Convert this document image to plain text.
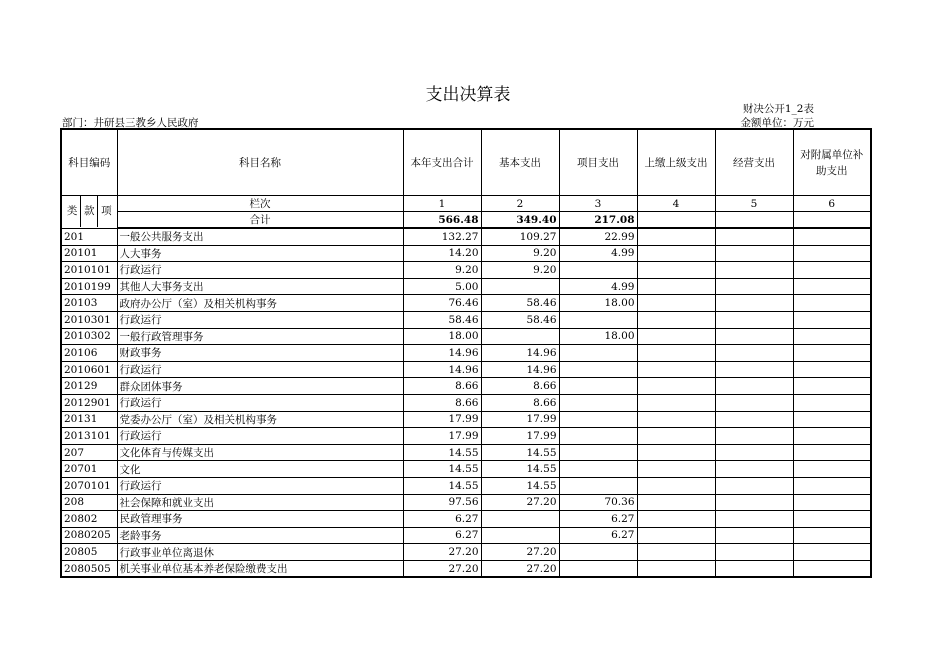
支出决算表
财决公开1_2表
部门：井研县三教乡人民政府	金额单位：万元
科目编码	科目名称	本年支出合计	基本支出	项目支出	上缴上级支出	经营支出	对附属单位补助支出

类 款 项	栏次	1	2	3	4	5	6
	合计	566.48	349.40	217.08			
201	一般公共服务支出	132.27	109.27	22.99			
20101	人大事务	14.20	9.20	4.99			
2010101	行政运行	9.20	9.20				
2010199	其他人大事务支出	5.00		4.99			
20103	政府办公厅（室）及相关机构事务	76.46	58.46	18.00			
2010301	行政运行	58.46	58.46				
2010302	一般行政管理事务	18.00		18.00			
20106	财政事务	14.96	14.96				
2010601	行政运行	14.96	14.96				
20129	群众团体事务	8.66	8.66				
2012901	行政运行	8.66	8.66				
20131	党委办公厅（室）及相关机构事务	17.99	17.99				
2013101	行政运行	17.99	17.99				
207	文化体育与传媒支出	14.55	14.55				
20701	文化	14.55	14.55				
2070101	行政运行	14.55	14.55				
208	社会保障和就业支出	97.56	27.20	70.36			
20802	民政管理事务	6.27		6.27			
2080205	老龄事务	6.27		6.27			
20805	行政事业单位离退休	27.20	27.20				
2080505	机关事业单位基本养老保险缴费支出	27.20	27.20				
